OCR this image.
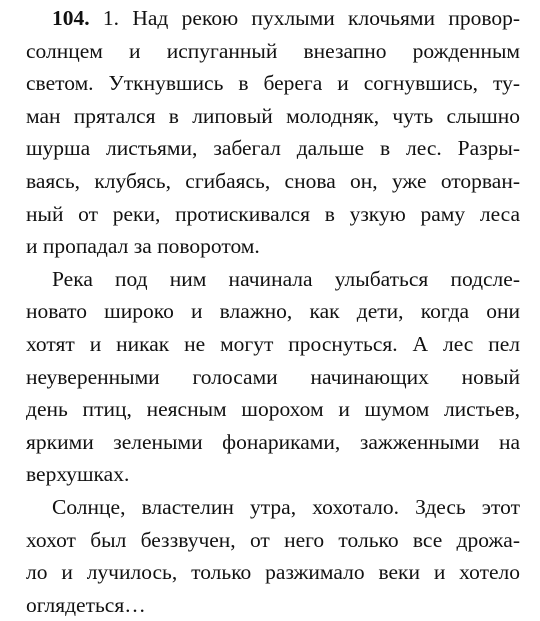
104. 1. Над рекою пухлыми клочьями провор-
солнцем и испуганный внезапно рожденным
светом. Уткнувшись в берега и согнувшись, ту-
ман прятался в липовый молодняк, чуть слышно
шурша листьями, забегал дальше в лес. Разры-
ваясь, клубясь, сгибаясь, снова он, уже оторван-
ный от реки, протискивался в узкую раму леса
и пропадал за поворотом.
Река под ним начинала улыбаться подсле-
новато широко и влажно, как дети, когда они
хотят и никак не могут проснуться. А лес пел
неуверенными голосами начинающих новый
день птиц, неясным шорохом и шумом листьев,
яркими зелеными фонариками, зажженными на
верхушках.
Солнце, властелин утра, хохотало. Здесь этот
хохот был беззвучен, от него только все дрожа-
ло и лучилось, только разжимало веки и хотело
оглядеться…
